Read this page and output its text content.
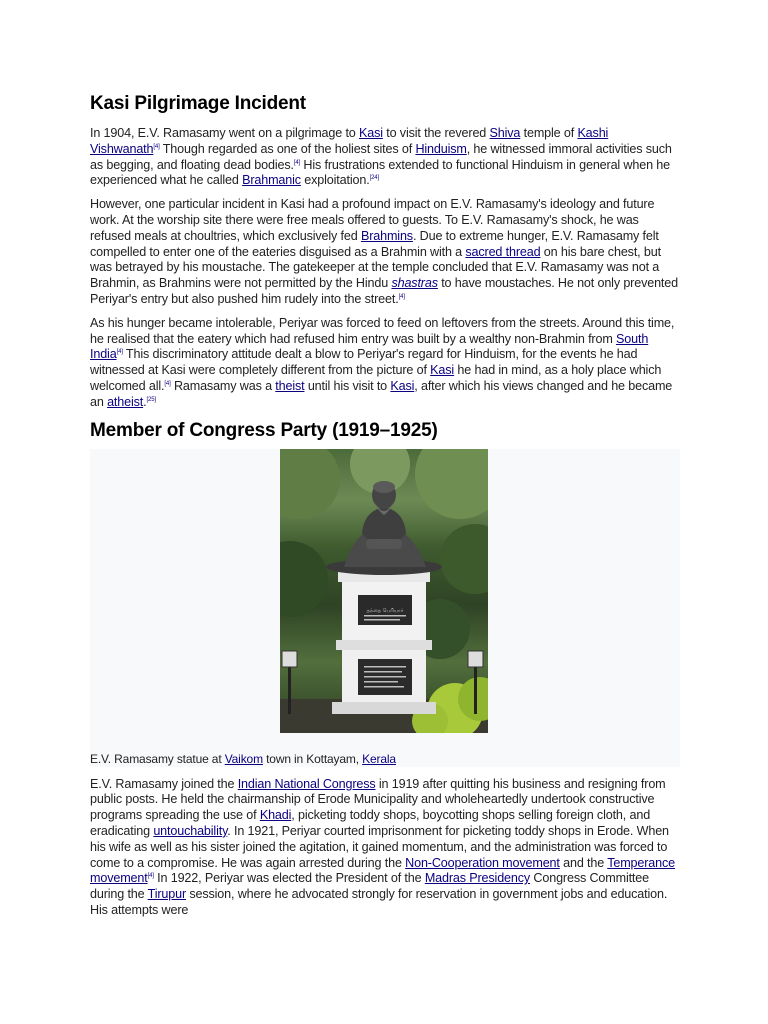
Kasi Pilgrimage Incident

In 1904, E.V. Ramasamy went on a pilgrimage to Kasi to visit the revered Shiva temple of Kashi Vishwanath[4] Though regarded as one of the holiest sites of Hinduism, he witnessed immoral activities such as begging, and floating dead bodies.[4] His frustrations extended to functional Hinduism in general when he experienced what he called Brahmanic exploitation.[24]

However, one particular incident in Kasi had a profound impact on E.V. Ramasamy's ideology and future work. At the worship site there were free meals offered to guests. To E.V. Ramasamy's shock, he was refused meals at choultries, which exclusively fed Brahmins. Due to extreme hunger, E.V. Ramasamy felt compelled to enter one of the eateries disguised as a Brahmin with a sacred thread on his bare chest, but was betrayed by his moustache. The gatekeeper at the temple concluded that E.V. Ramasamy was not a Brahmin, as Brahmins were not permitted by the Hindu shastras to have moustaches. He not only prevented Periyar's entry but also pushed him rudely into the street.[4]

As his hunger became intolerable, Periyar was forced to feed on leftovers from the streets. Around this time, he realised that the eatery which had refused him entry was built by a wealthy non-Brahmin from South India[4] This discriminatory attitude dealt a blow to Periyar's regard for Hinduism, for the events he had witnessed at Kasi were completely different from the picture of Kasi he had in mind, as a holy place which welcomed all.[4] Ramasamy was a theist until his visit to Kasi, after which his views changed and he became an atheist.[25]

Member of Congress Party (1919–1925)
தந்தை பெரியார்
E.V. Ramasamy statue at Vaikom town in Kottayam, Kerala

E.V. Ramasamy joined the Indian National Congress in 1919 after quitting his business and resigning from public posts. He held the chairmanship of Erode Municipality and wholeheartedly undertook constructive programs spreading the use of Khadi, picketing toddy shops, boycotting shops selling foreign cloth, and eradicating untouchability. In 1921, Periyar courted imprisonment for picketing toddy shops in Erode. When his wife as well as his sister joined the agitation, it gained momentum, and the administration was forced to come to a compromise. He was again arrested during the Non-Cooperation movement and the Temperance movement[4] In 1922, Periyar was elected the President of the Madras Presidency Congress Committee during the Tirupur session, where he advocated strongly for reservation in government jobs and education. His attempts were
